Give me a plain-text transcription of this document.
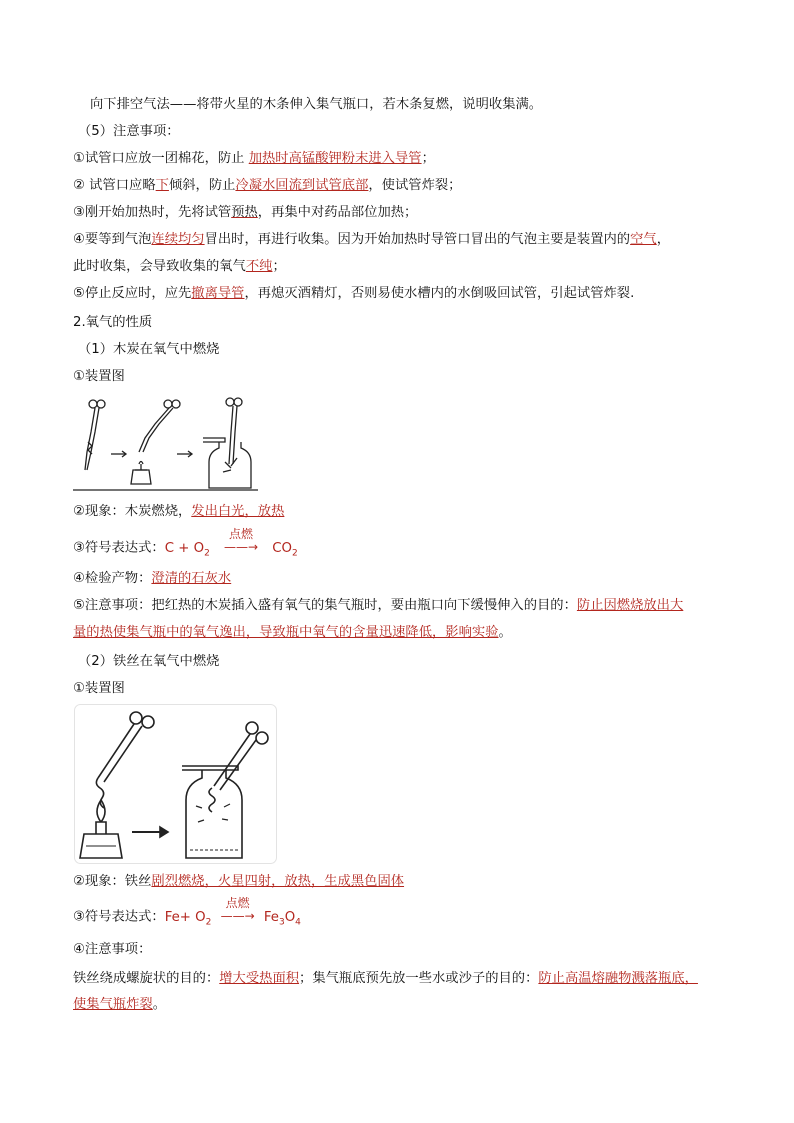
向下排空气法——将带火星的木条伸入集气瓶口，若木条复燃，说明收集满。
（5）注意事项：
①试管口应放一团棉花，防止 加热时高锰酸钾粉末进入导管；
② 试管口应略下倾斜，防止冷凝水回流到试管底部，使试管炸裂；
③刚开始加热时，先将试管预热，再集中对药品部位加热；
④要等到气泡连续均匀冒出时，再进行收集。因为开始加热时导管口冒出的气泡主要是装置内的空气，
此时收集，会导致收集的氧气不纯；
⑤停止反应时，应先撤离导管，再熄灭酒精灯，否则易使水槽内的水倒吸回试管，引起试管炸裂.
2.氧气的性质
（1）木炭在氧气中燃烧
①装置图
②现象：木炭燃烧，发出白光，放热
③符号表达式：$C + O_2$
点燃
——→ $CO_2$
④检验产物：澄清的石灰水
⑤注意事项：把红热的木炭插入盛有氧气的集气瓶时，要由瓶口向下缓慢伸入的目的：防止因燃烧放出大
量的热使集气瓶中的氧气逸出，导致瓶中氧气的含量迅速降低，影响实验。
（2）铁丝在氧气中燃烧
①装置图
②现象：铁丝剧烈燃烧，火星四射，放热，生成黑色固体
③符号表达式：$Fe+ O_2$
点燃
——→ $Fe_3O_4$
④注意事项：
铁丝绕成螺旋状的目的：增大受热面积；集气瓶底预先放一些水或沙子的目的：防止高温熔融物溅落瓶底，
使集气瓶炸裂。
